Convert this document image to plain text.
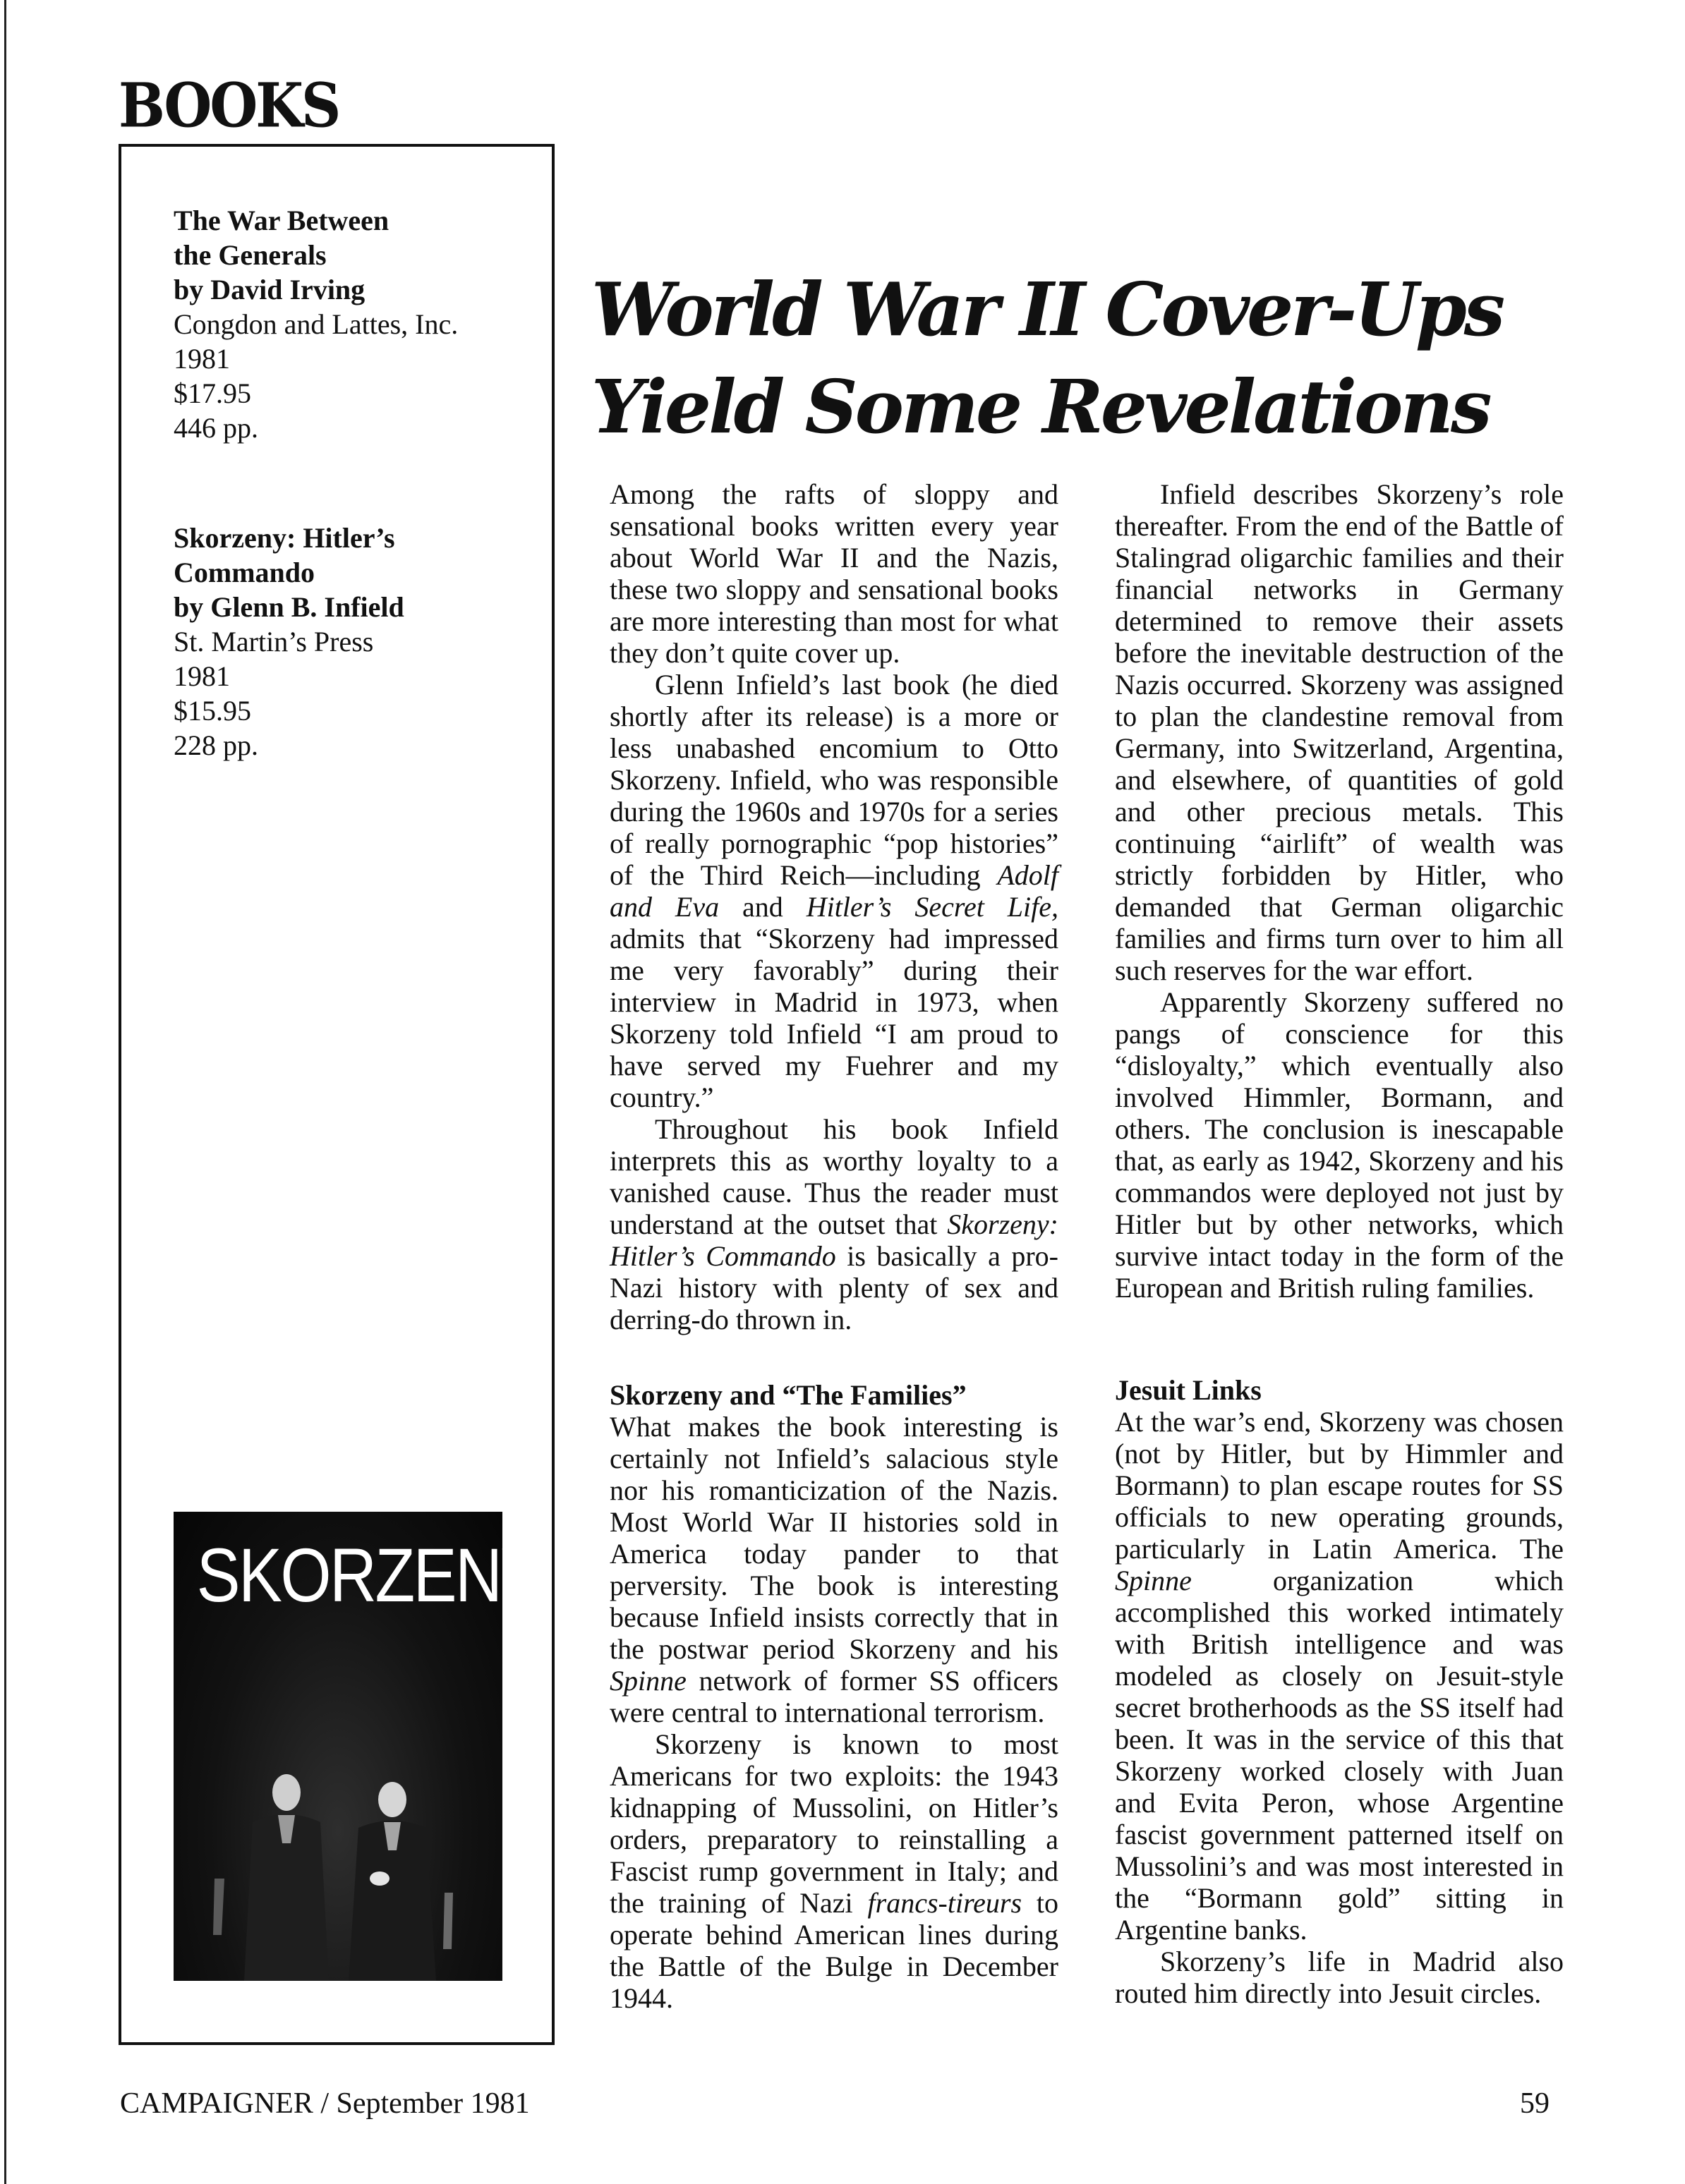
BOOKS

The War Between

the Generals

by David Irving

Congdon and Lattes, Inc.

1981

$17.95

446 pp.

Skorzeny: Hitler’s

Commando

by Glenn B. Infield

St. Martin’s Press

1981

$15.95

228 pp.

SKORZENY
World War II Cover-Ups
Yield Some Revelations

Among the rafts of sloppy and sensational books written every year about World War II and the Nazis, these two sloppy and sensational books are more interesting than most for what they don’t quite cover up.

Glenn Infield’s last book (he died shortly after its release) is a more or less unabashed encomium to Otto Skorzeny. Infield, who was responsible during the 1960s and 1970s for a series of really pornographic “pop histories” of the Third Reich—including Adolf and Eva and Hitler’s Secret Life, admits that “Skorzeny had impressed me very favorably” during their interview in Madrid in 1973, when Skorzeny told Infield “I am proud to have served my Fuehrer and my country.”

Throughout his book Infield interprets this as worthy loyalty to a vanished cause. Thus the reader must understand at the outset that Skorzeny: Hitler’s Commando is basically a pro-Nazi history with plenty of sex and derring-do thrown in.

Skorzeny and “The Families”

What makes the book interesting is certainly not Infield’s salacious style nor his romanticization of the Nazis. Most World War II histories sold in America today pander to that perversity. The book is interesting because Infield insists correctly that in the postwar period Skorzeny and his Spinne network of former SS officers were central to international terrorism.

Skorzeny is known to most Americans for two exploits: the 1943 kidnapping of Mussolini, on Hitler’s orders, preparatory to reinstalling a Fascist rump government in Italy; and the training of Nazi francs-tireurs to operate behind American lines during the Battle of the Bulge in December 1944.

Infield describes Skorzeny’s role thereafter. From the end of the Battle of Stalingrad oligarchic families and their financial networks in Germany determined to remove their assets before the inevitable destruction of the Nazis occurred. Skorzeny was assigned to plan the clandestine removal from Germany, into Switzerland, Argentina, and elsewhere, of quantities of gold and other precious metals. This continuing “airlift” of wealth was strictly forbidden by Hitler, who demanded that German oligarchic families and firms turn over to him all such reserves for the war effort.

Apparently Skorzeny suffered no pangs of conscience for this “disloyalty,” which eventually also involved Himmler, Bormann, and others. The conclusion is inescapable that, as early as 1942, Skorzeny and his commandos were deployed not just by Hitler but by other networks, which survive intact today in the form of the European and British ruling families.

Jesuit Links

At the war’s end, Skorzeny was chosen (not by Hitler, but by Himmler and Bormann) to plan escape routes for SS officials to new operating grounds, particularly in Latin America. The Spinne organization which accomplished this worked intimately with British intelligence and was modeled as closely on Jesuit-style secret brotherhoods as the SS itself had been. It was in the service of this that Skorzeny worked closely with Juan and Evita Peron, whose Argentine fascist government patterned itself on Mussolini’s and was most interested in the “Bormann gold” sitting in Argentine banks.

Skorzeny’s life in Madrid also routed him directly into Jesuit circles.

CAMPAIGNER / September 1981	59
